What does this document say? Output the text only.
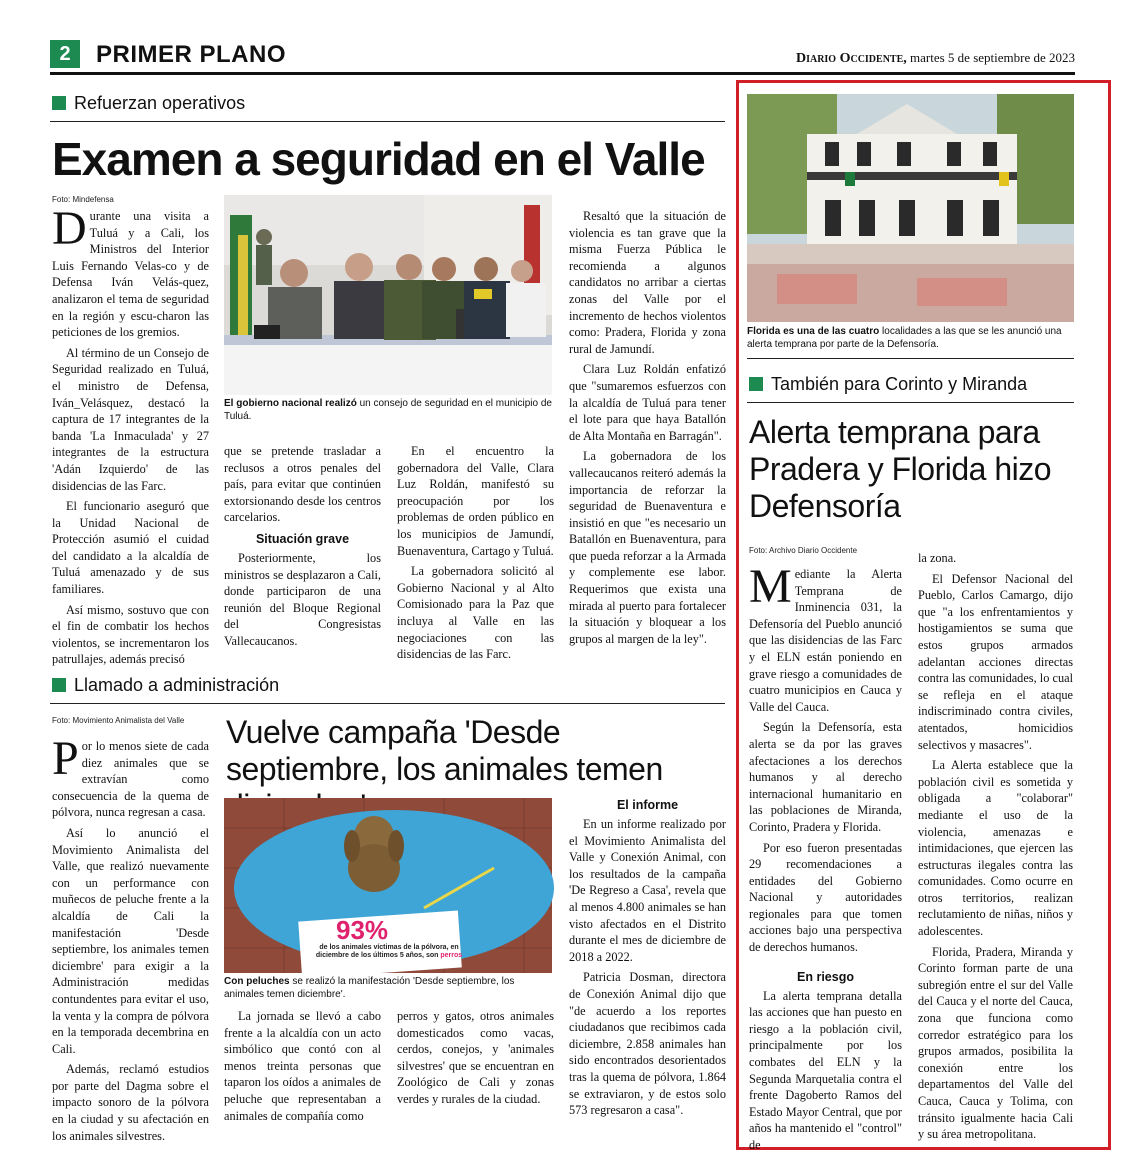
2	PRIMER PLANO	Diario Occidente, martes 5 de septiembre de 2023
Refuerzan operativos
Examen a seguridad en el Valle
Foto: Mindefensa

Durante una visita a Tuluá y a Cali, los Ministros del Interior Luis Fernando Velas-co y de Defensa Iván Velás-quez, analizaron el tema de seguridad en la región y escu-charon las peticiones de los gremios.

Al término de un Consejo de Seguridad realizado en Tuluá, el ministro de Defensa, Iván_Velásquez, destacó la captura de 17 integrantes de la banda 'La Inmaculada' y 27 integrantes de la estructura 'Adán Izquierdo' de las disidencias de las Farc.

El funcionario aseguró que la Unidad Nacional de Protección asumió el cuidad del candidato a la alcaldía de Tuluá amenazado y de sus familiares.

Así mismo, sostuvo que con el fin de combatir los hechos violentos, se incrementaron los patrullajes, además precisó

El gobierno nacional realizó un consejo de seguridad en el municipio de Tuluá.

que se pretende trasladar a reclusos a otros penales del país, para evitar que continúen extorsionando desde los centros carcelarios.

Situación grave

Posteriormente, los ministros se desplazaron a Cali, donde participaron de una reunión del Bloque Regional del Congresistas Vallecaucanos.

En el encuentro la gobernadora del Valle, Clara Luz Roldán, manifestó su preocupación por los problemas de orden público en los municipios de Jamundí, Buenaventura, Cartago y Tuluá.

La gobernadora solicitó al Gobierno Nacional y al Alto Comisionado para la Paz que incluya al Valle en las negociaciones con las disidencias de las Farc.

Resaltó que la situación de violencia es tan grave que la misma Fuerza Pública le recomienda a algunos candidatos no arribar a ciertas zonas del Valle por el incremento de hechos violentos como: Pradera, Florida y zona rural de Jamundí.

Clara Luz Roldán enfatizó que "sumaremos esfuerzos con la alcaldía de Tuluá para tener el lote para que haya Batallón de Alta Montaña en Barragán".

La gobernadora de los vallecaucanos reiteró además la importancia de reforzar la seguridad de Buenaventura e insistió en que "es necesario un Batallón en Buenaventura, para que pueda reforzar a la Armada y complemente ese labor. Requerimos que exista una mirada al puerto para fortalecer la situación y bloquear a los grupos al margen de la ley".

Llamado a administración
Foto: Movimiento Animalista del Valle Vuelve campaña 'Desde septiembre, los animales temen

Por lo menos siete de cada diez animales que se extravían como consecuencia de la quema de pólvora, nunca regresan a casa.

Así lo anunció el Movimiento Animalista del Valle, que realizó nuevamente con un performance con muñecos de peluche frente a la alcaldía de Cali la manifestación 'Desde septiembre, los animales temen diciembre' para exigir a la Administración medidas contundentes para evitar el uso, la venta y la compra de pólvora en la temporada decembrina en Cali.

Además, reclamó estudios por parte del Dagma sobre el impacto sonoro de la pólvora en la ciudad y su afectación en los animales silvestres.

93%
de los animales víctimas de la pólvora, en diciembre de los últimos 5 años, son perros
Con peluches se realizó la manifestación 'Desde septiembre, los animales temen diciembre'.

La jornada se llevó a cabo frente a la alcaldía con un acto simbólico que contó con al menos treinta personas que taparon los oídos a animales de peluche que representaban a animales de compañía como

perros y gatos, otros animales domesticados como vacas, cerdos, conejos, y 'animales silvestres' que se encuentran en Zoológico de Cali y zonas verdes y rurales de la ciudad.

El informe

En un informe realizado por el Movimiento Animalista del Valle y Conexión Animal, con los resultados de la campaña 'De Regreso a Casa', revela que al menos 4.800 animales se han visto afectados en el Distrito durante el mes de diciembre de 2018 a 2022.

Patricia Dosman, directora de Conexión Animal dijo que "de acuerdo a los reportes ciudadanos que recibimos cada diciembre, 2.858 animales han sido encontrados desorientados tras la quema de pólvora, 1.864 se extraviaron, y de estos solo 573 regresaron a casa".

Florida es una de las cuatro localidades a las que se les anunció una alerta temprana por parte de la Defensoría.
También para Corinto y Miranda
Alerta temprana para Pradera y Florida hizo Defensoría
Foto: Archivo Diario Occidente

Mediante la Alerta Temprana de Inminencia 031, la Defensoría del Pueblo anunció que las disidencias de las Farc y el ELN están poniendo en grave riesgo a comunidades de cuatro municipios en Cauca y Valle del Cauca.

Según la Defensoría, esta alerta se da por las graves afectaciones a los derechos humanos y al derecho internacional humanitario en las poblaciones de Miranda, Corinto, Pradera y Florida.

Por eso fueron presentadas 29 recomendaciones a entidades del Gobierno Nacional y autoridades regionales para que tomen acciones bajo una perspectiva de derechos humanos.

En riesgo

La alerta temprana detalla las acciones que han puesto en riesgo a la población civil, principalmente por los combates del ELN y la Segunda Marquetalia contra el frente Dagoberto Ramos del Estado Mayor Central, que por años ha mantenido el "control" de

la zona.

El Defensor Nacional del Pueblo, Carlos Camargo, dijo que "a los enfrentamientos y hostigamientos se suma que estos grupos armados adelantan acciones directas contra las comunidades, lo cual se refleja en el ataque indiscriminado contra civiles, atentados, homicidios selectivos y masacres".

La Alerta establece que la población civil es sometida y obligada a "colaborar" mediante el uso de la violencia, amenazas e intimidaciones, que ejercen las estructuras ilegales contra las comunidades. Como ocurre en otros territorios, realizan reclutamiento de niñas, niños y adolescentes.

Florida, Pradera, Miranda y Corinto forman parte de una subregión entre el sur del Valle del Cauca y el norte del Cauca, zona que funciona como corredor estratégico para los grupos armados, posibilita la conexión entre los departamentos del Valle del Cauca, Cauca y Tolima, con tránsito igualmente hacia Cali y su área metropolitana.
